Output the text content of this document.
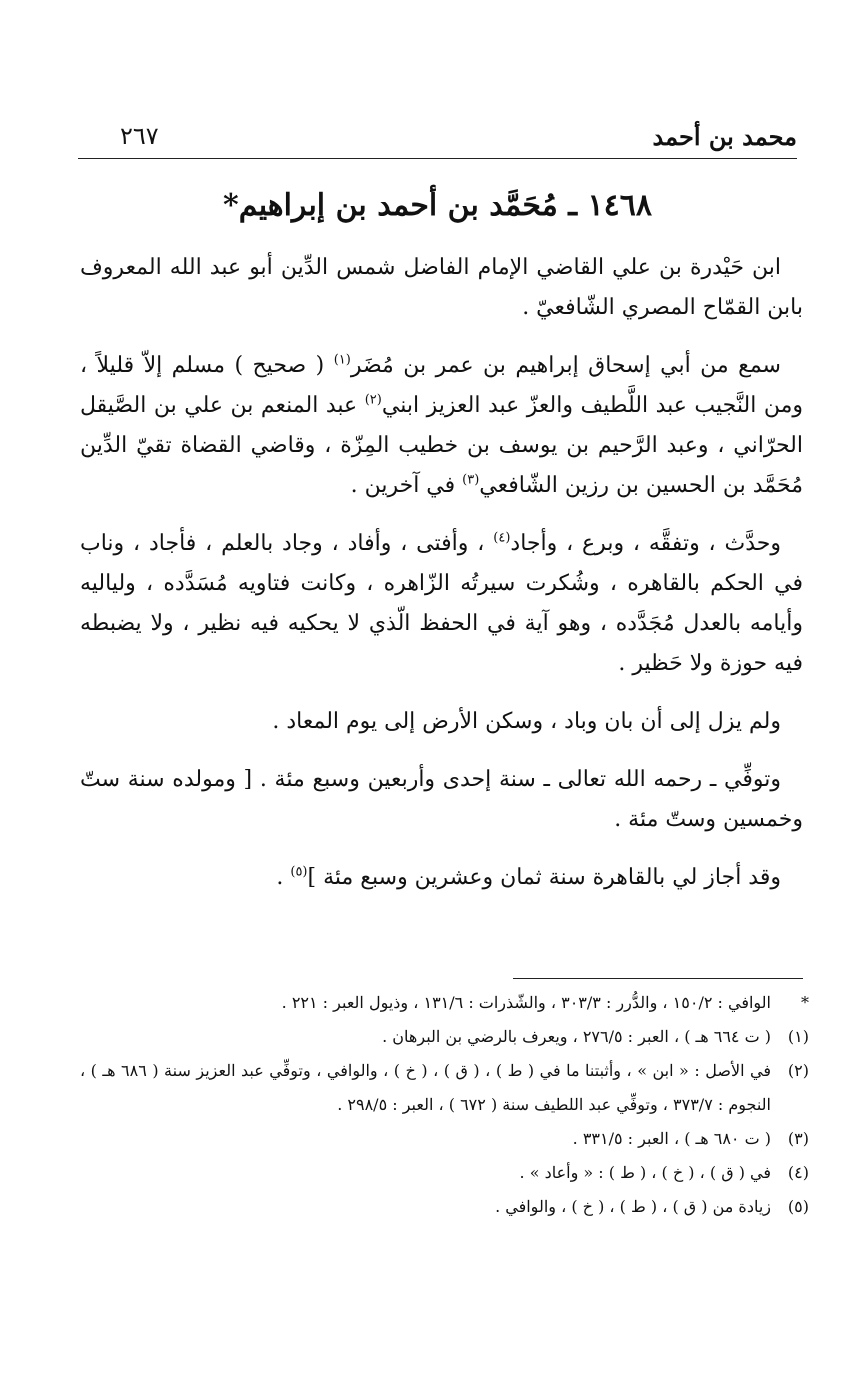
محمد بن أحمد
٢٦٧
١٤٦٨ ـ مُحَمَّد بن أحمد بن إبراهيم*

ابن حَيْدرة بن علي القاضي الإمام الفاضل شمس الدِّين أبو عبد الله المعروف بابن القمّاح المصري الشّافعيّ .

سمع من أبي إسحاق إبراهيم بن عمر بن مُضَر$^{(١)}$ ( صحيح ) مسلم إلاّ قليلاً ، ومن النَّجيب عبد اللَّطيف والعزّ عبد العزيز ابني$^{(٢)}$ عبد المنعم بن علي بن الصَّيقل الحرّاني ، وعبد الرَّحيم بن يوسف بن خطيب المِزّة ، وقاضي القضاة تقيّ الدِّين مُحَمَّد بن الحسين بن رزين الشّافعي$^{(٣)}$ في آخرين .

وحدَّث ، وتفقَّه ، وبرع ، وأجاد$^{(٤)}$ ، وأفتى ، وأفاد ، وجاد بالعلم ، فأجاد ، وناب في الحكم بالقاهره ، وشُكرت سيرتُه الزّاهره ، وكانت فتاويه مُسَدَّده ، ولياليه وأيامه بالعدل مُجَدَّده ، وهو آية في الحفظ الّذي لا يحكيه فيه نظير ، ولا يضبطه فيه حوزة ولا حَظير .

ولم يزل إلى أن بان وباد ، وسكن الأرض إلى يوم المعاد .

وتوفِّي ـ رحمه الله تعالى ـ سنة إحدى وأربعين وسبع مئة . [ ومولده سنة ستّ وخمسين وستّ مئة .

وقد أجاز لي بالقاهرة سنة ثمان وعشرين وسبع مئة ]$^{(٥)}$ .

*
الوافي : ١٥٠/٢ ، والدُّرر : ٣٠٣/٣ ، والشّذرات : ١٣١/٦ ، وذيول العبر : ٢٢١ .
(١)
( ت ٦٦٤ هـ ) ، العبر : ٢٧٦/٥ ، ويعرف بالرضي بن البرهان .
(٢)
في الأصل : « ابن » ، وأثبتنا ما في ( ط ) ، ( ق ) ، ( خ ) ، والوافي ، وتوفِّي عبد العزيز سنة ( ٦٨٦ هـ ) ، النجوم : ٣٧٣/٧ ، وتوفِّي عبد اللطيف سنة ( ٦٧٢ ) ، العبر : ٢٩٨/٥ .
(٣)
( ت ٦٨٠ هـ ) ، العبر : ٣٣١/٥ .
(٤)
في ( ق ) ، ( خ ) ، ( ط ) : « وأعاد » .
(٥)
زيادة من ( ق ) ، ( ط ) ، ( خ ) ، والوافي .
